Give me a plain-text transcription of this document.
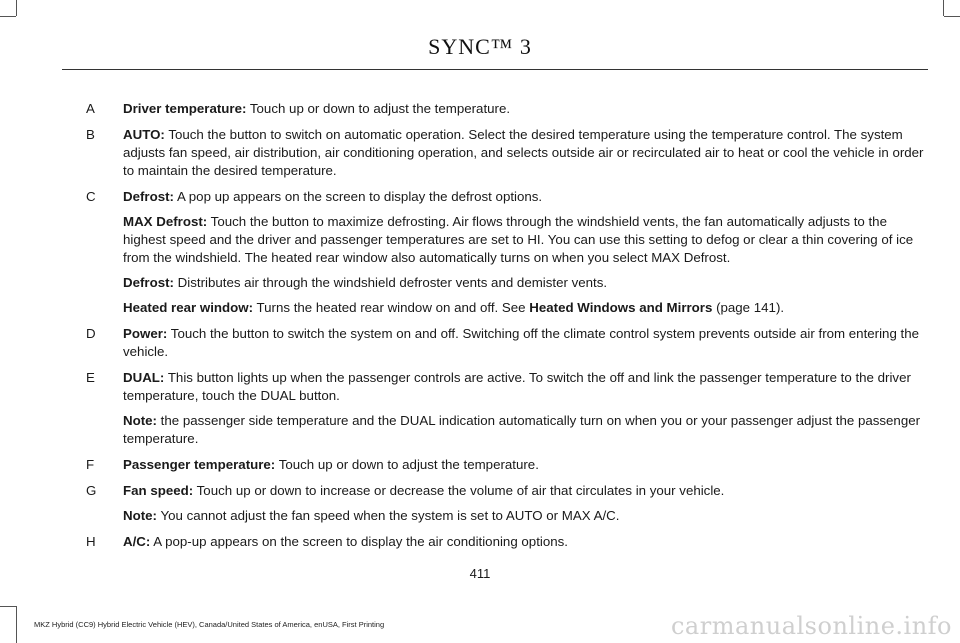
SYNC™ 3
A Driver temperature: Touch up or down to adjust the temperature.
B AUTO: Touch the button to switch on automatic operation. Select the desired temperature using the temperature control. The system adjusts fan speed, air distribution, air conditioning operation, and selects outside air or recirculated air to heat or cool the vehicle in order to maintain the desired temperature.
C Defrost: A pop up appears on the screen to display the defrost options.
MAX Defrost: Touch the button to maximize defrosting. Air flows through the windshield vents, the fan automatically adjusts to the highest speed and the driver and passenger temperatures are set to HI. You can use this setting to defog or clear a thin covering of ice from the windshield. The heated rear window also automatically turns on when you select MAX Defrost.
Defrost: Distributes air through the windshield defroster vents and demister vents.
Heated rear window: Turns the heated rear window on and off. See Heated Windows and Mirrors (page 141).
D Power: Touch the button to switch the system on and off. Switching off the climate control system prevents outside air from entering the vehicle.
E DUAL: This button lights up when the passenger controls are active. To switch the off and link the passenger temperature to the driver temperature, touch the DUAL button.
Note: the passenger side temperature and the DUAL indication automatically turn on when you or your passenger adjust the passenger temperature.
F Passenger temperature: Touch up or down to adjust the temperature.
G Fan speed: Touch up or down to increase or decrease the volume of air that circulates in your vehicle.
Note: You cannot adjust the fan speed when the system is set to AUTO or MAX A/C.
H A/C: A pop-up appears on the screen to display the air conditioning options.
411
MKZ Hybrid (CC9) Hybrid Electric Vehicle (HEV), Canada/United States of America, enUSA, First Printing	carmanualsonline.info
